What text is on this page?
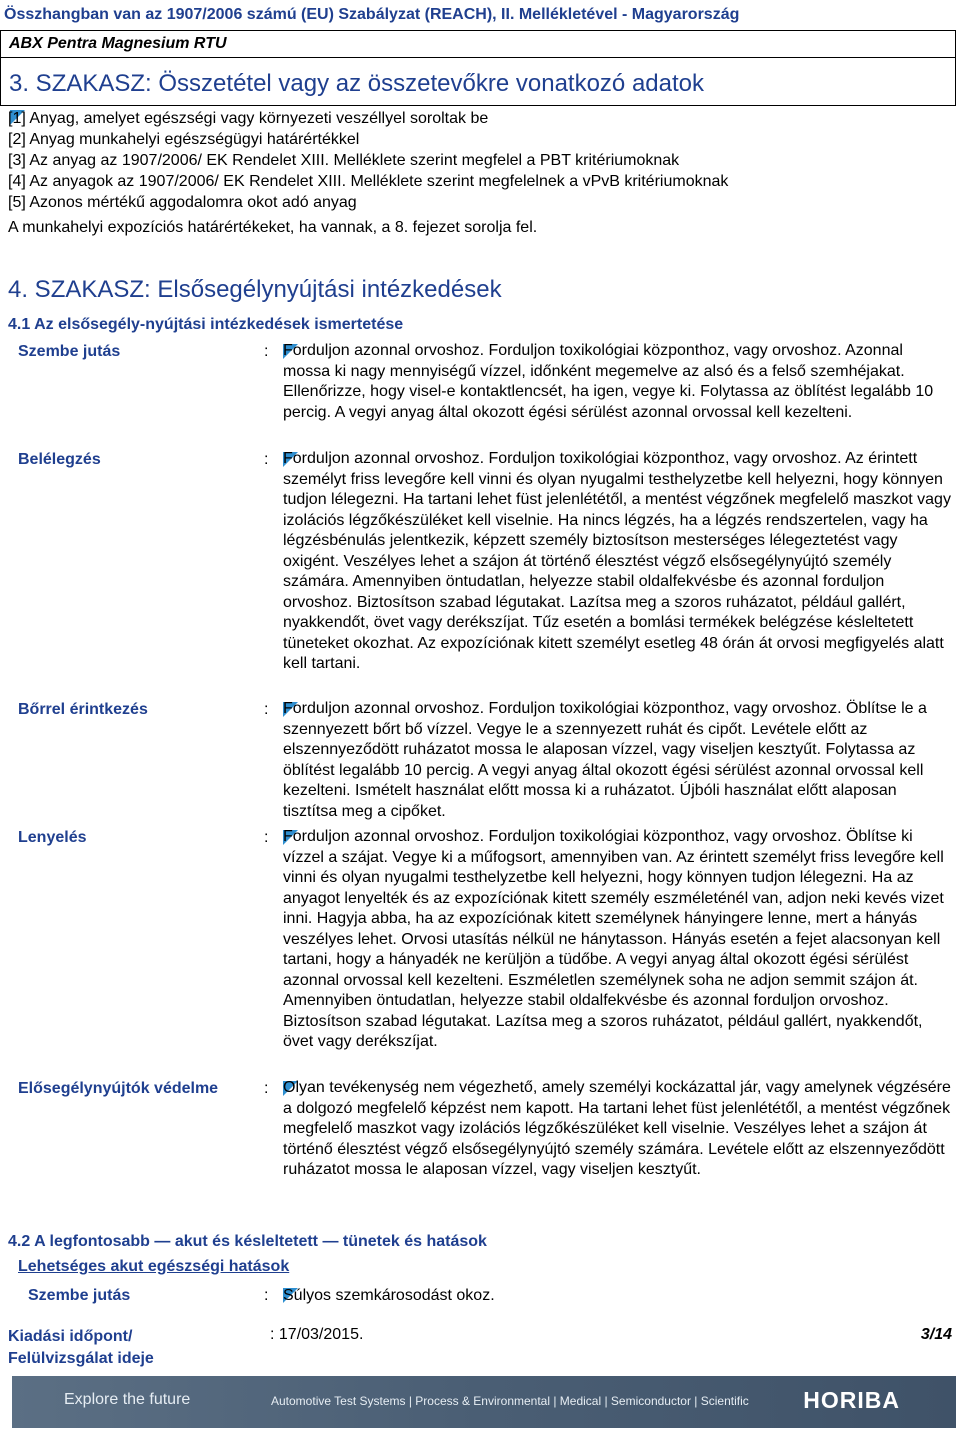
Összhangban van az 1907/2006 számú (EU) Szabályzat (REACH), II. Mellékletével - Magyarország
ABX Pentra Magnesium RTU
3. SZAKASZ: Összetétel vagy az összetevőkre vonatkozó adatok
[1] Anyag, amelyet egészségi vagy környezeti veszéllyel soroltak be
[2] Anyag munkahelyi egészségügyi határértékkel
[3] Az anyag az 1907/2006/ EK Rendelet XIII. Melléklete szerint megfelel a PBT kritériumoknak
[4] Az anyagok az 1907/2006/ EK Rendelet XIII. Melléklete szerint megfelelnek a vPvB kritériumoknak
[5] Azonos mértékű aggodalomra okot adó anyag
A munkahelyi expozíciós határértékeket, ha vannak, a 8. fejezet sorolja fel.
4. SZAKASZ: Elsősegélynyújtási intézkedések
4.1 Az elsősegély-nyújtási intézkedések ismertetése
Szembe jutás	: Forduljon azonnal orvoshoz. Forduljon toxikológiai központhoz, vagy orvoshoz. Azonnal mossa ki nagy mennyiségű vízzel, időnként megemelve az alsó és a felső szemhéjakat. Ellenőrizze, hogy visel-e kontaktlencsét, ha igen, vegye ki. Folytassa az öblítést legalább 10 percig. A vegyi anyag által okozott égési sérülést azonnal orvossal kell kezelteni.

Belélegzés	: Forduljon azonnal orvoshoz. Forduljon toxikológiai központhoz, vagy orvoshoz. Az érintett személyt friss levegőre kell vinni és olyan nyugalmi testhelyzetbe kell helyezni, hogy könnyen tudjon lélegezni. Ha tartani lehet füst jelenlététől, a mentést végzőnek megfelelő maszkot vagy izolációs légzőkészüléket kell viselnie. Ha nincs légzés, ha a légzés rendszertelen, vagy ha légzésbénulás jelentkezik, képzett személy biztosítson mesterséges lélegeztetést vagy oxigént. Veszélyes lehet a szájon át történő élesztést végző elsősegélynyújtó személy számára. Amennyiben öntudatlan, helyezze stabil oldalfekvésbe és azonnal forduljon orvoshoz. Biztosítson szabad légutakat. Lazítsa meg a szoros ruházatot, például gallért, nyakkendőt, övet vagy derékszíjat. Tűz esetén a bomlási termékek belégzése késleltetett tüneteket okozhat. Az expozíciónak kitett személyt esetleg 48 órán át orvosi megfigyelés alatt kell tartani.

Bőrrel érintkezés	: Forduljon azonnal orvoshoz. Forduljon toxikológiai központhoz, vagy orvoshoz. Öblítse le a szennyezett bőrt bő vízzel. Vegye le a szennyezett ruhát és cipőt. Levétele előtt az elszennyeződött ruházatot mossa le alaposan vízzel, vagy viseljen kesztyűt. Folytassa az öblítést legalább 10 percig. A vegyi anyag által okozott égési sérülést azonnal orvossal kell kezelteni. Ismételt használat előtt mossa ki a ruházatot. Újbóli használat előtt alaposan tisztítsa meg a cipőket.

Lenyelés	: Forduljon azonnal orvoshoz. Forduljon toxikológiai központhoz, vagy orvoshoz. Öblítse ki vízzel a szájat. Vegye ki a műfogsort, amennyiben van. Az érintett személyt friss levegőre kell vinni és olyan nyugalmi testhelyzetbe kell helyezni, hogy könnyen tudjon lélegezni. Ha az anyagot lenyelték és az expozíciónak kitett személy eszméleténél van, adjon neki kevés vizet inni. Hagyja abba, ha az expozíciónak kitett személynek hányingere lenne, mert a hányás veszélyes lehet. Orvosi utasítás nélkül ne hánytasson. Hányás esetén a fejet alacsonyan kell tartani, hogy a hányadék ne kerüljön a tüdőbe. A vegyi anyag által okozott égési sérülést azonnal orvossal kell kezelteni. Eszméletlen személynek soha ne adjon semmit szájon át. Amennyiben öntudatlan, helyezze stabil oldalfekvésbe és azonnal forduljon orvoshoz. Biztosítson szabad légutakat. Lazítsa meg a szoros ruházatot, például gallért, nyakkendőt, övet vagy derékszíjat.

Elősegélynyújtók védelme	: Olyan tevékenység nem végezhető, amely személyi kockázattal jár, vagy amelynek végzésére a dolgozó megfelelő képzést nem kapott. Ha tartani lehet füst jelenlététől, a mentést végzőnek megfelelő maszkot vagy izolációs légzőkészüléket kell viselnie. Veszélyes lehet a szájon át történő élesztést végző elsősegélynyújtó személy számára. Levétele előtt az elszennyeződött ruházatot mossa le alaposan vízzel, vagy viseljen kesztyűt.

4.2 A legfontosabb — akut és késleltetett — tünetek és hatások
Lehetséges akut egészségi hatások
Szembe jutás	: Súlyos szemkárosodást okoz.

Kiadási időpont/
Felülvizsgálat ideje
: 17/03/2015.	3/14
Explore the future	Automotive Test Systems | Process & Environmental | Medical | Semiconductor | Scientific HORIBA
